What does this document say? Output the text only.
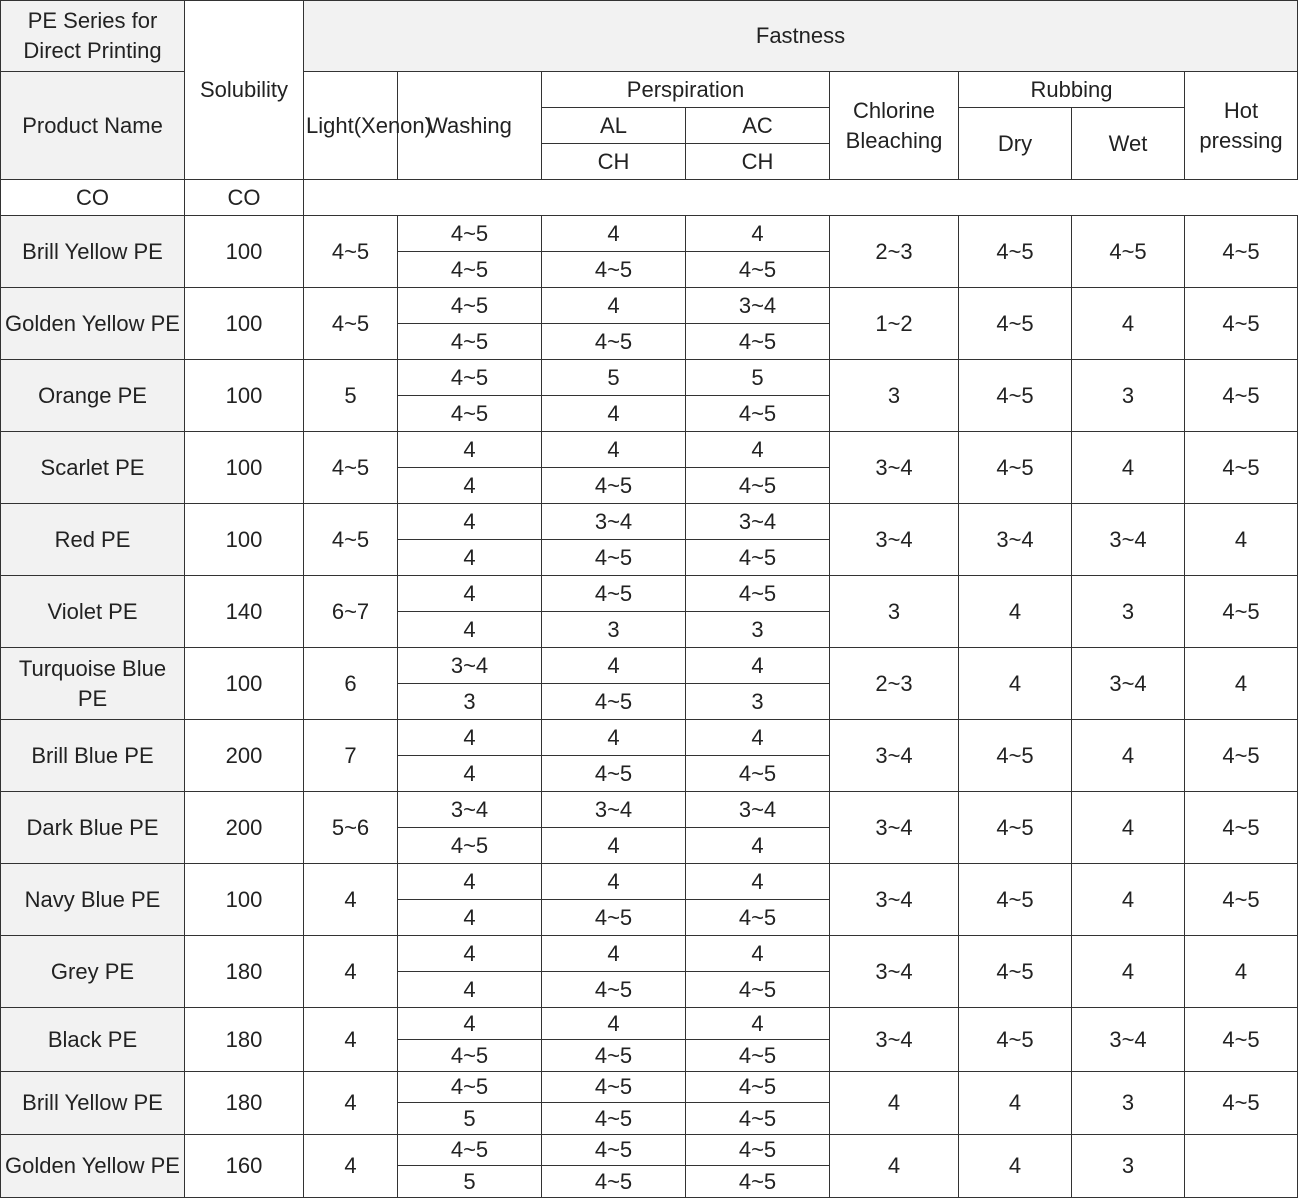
PE Series for Direct Printing	Solubility	Fastness							
Product Name		Light(Xenon)	Washing	Perspiration		Chlorine Bleaching	Rubbing		Hot pressing
				AL	AC		Dry	Wet	
				CH	CH				
CO	CO								
Brill Yellow PE	100	4~5	4~5	4	4	2~3	4~5	4~5	4~5
			4~5	4~5	4~5				
Golden Yellow PE	100	4~5	4~5	4	3~4	1~2	4~5	4	4~5
			4~5	4~5	4~5				
Orange PE	100	5	4~5	5	5	3	4~5	3	4~5
			4~5	4	4~5				
Scarlet PE	100	4~5	4	4	4	3~4	4~5	4	4~5
			4	4~5	4~5				
Red PE	100	4~5	4	3~4	3~4	3~4	3~4	3~4	4
			4	4~5	4~5				
Violet PE	140	6~7	4	4~5	4~5	3	4	3	4~5
			4	3	3				
Turquoise Blue PE	100	6	3~4	4	4	2~3	4	3~4	4
			3	4~5	3				
Brill Blue PE	200	7	4	4	4	3~4	4~5	4	4~5
			4	4~5	4~5				
Dark Blue PE	200	5~6	3~4	3~4	3~4	3~4	4~5	4	4~5
			4~5	4	4				
Navy Blue PE	100	4	4	4	4	3~4	4~5	4	4~5
			4	4~5	4~5				
Grey PE	180	4	4	4	4	3~4	4~5	4	4
			4	4~5	4~5				
Black PE	180	4	4	4	4	3~4	4~5	3~4	4~5
			4~5	4~5	4~5				
Brill Yellow PE	180	4	4~5	4~5	4~5	4	4	3	4~5
			5	4~5	4~5				
Golden Yellow PE	160	4	4~5	4~5	4~5	4	4	3	
			5	4~5	4~5				
